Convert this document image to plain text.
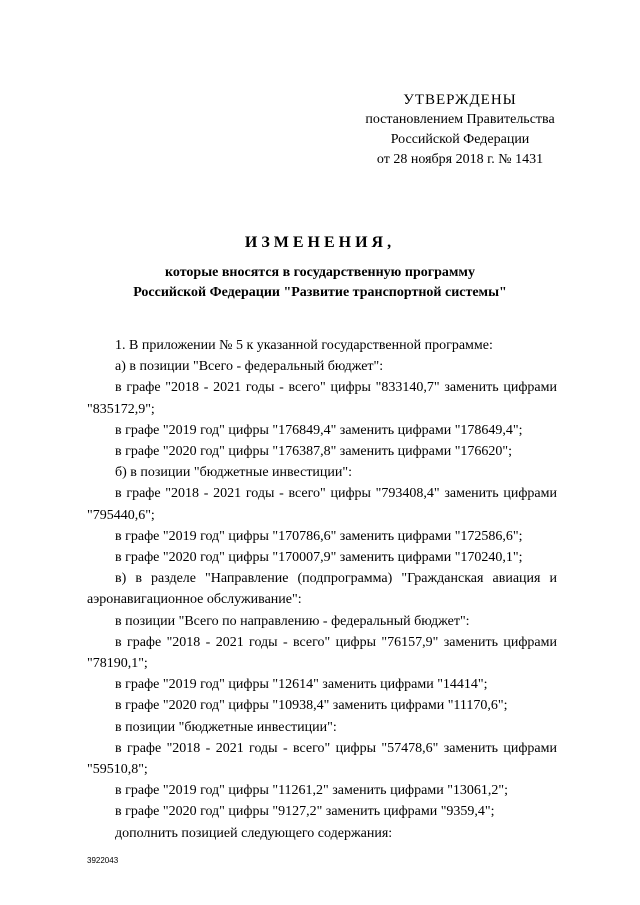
УТВЕРЖДЕНЫ
постановлением Правительства
Российской Федерации
от 28 ноября 2018 г. № 1431
ИЗМЕНЕНИЯ,
которые вносятся в государственную программу
Российской Федерации "Развитие транспортной системы"

1. В приложении № 5 к указанной государственной программе:

а) в позиции "Всего - федеральный бюджет":

в графе "2018 - 2021 годы - всего" цифры "833140,7" заменить цифрами "835172,9";

в графе "2019 год" цифры "176849,4" заменить цифрами "178649,4";

в графе "2020 год" цифры "176387,8" заменить цифрами "176620";

б) в позиции "бюджетные инвестиции":

в графе "2018 - 2021 годы - всего" цифры "793408,4" заменить цифрами "795440,6";

в графе "2019 год" цифры "170786,6" заменить цифрами "172586,6";

в графе "2020 год" цифры "170007,9" заменить цифрами "170240,1";

в) в разделе "Направление (подпрограмма) "Гражданская авиация и аэронавигационное обслуживание":

в позиции "Всего по направлению - федеральный бюджет":

в графе "2018 - 2021 годы - всего" цифры "76157,9" заменить цифрами "78190,1";

в графе "2019 год" цифры "12614" заменить цифрами "14414";

в графе "2020 год" цифры "10938,4" заменить цифрами "11170,6";

в позиции "бюджетные инвестиции":

в графе "2018 - 2021 годы - всего" цифры "57478,6" заменить цифрами "59510,8";

в графе "2019 год" цифры "11261,2" заменить цифрами "13061,2";

в графе "2020 год" цифры "9127,2" заменить цифрами "9359,4";

дополнить позицией следующего содержания:

3922043
